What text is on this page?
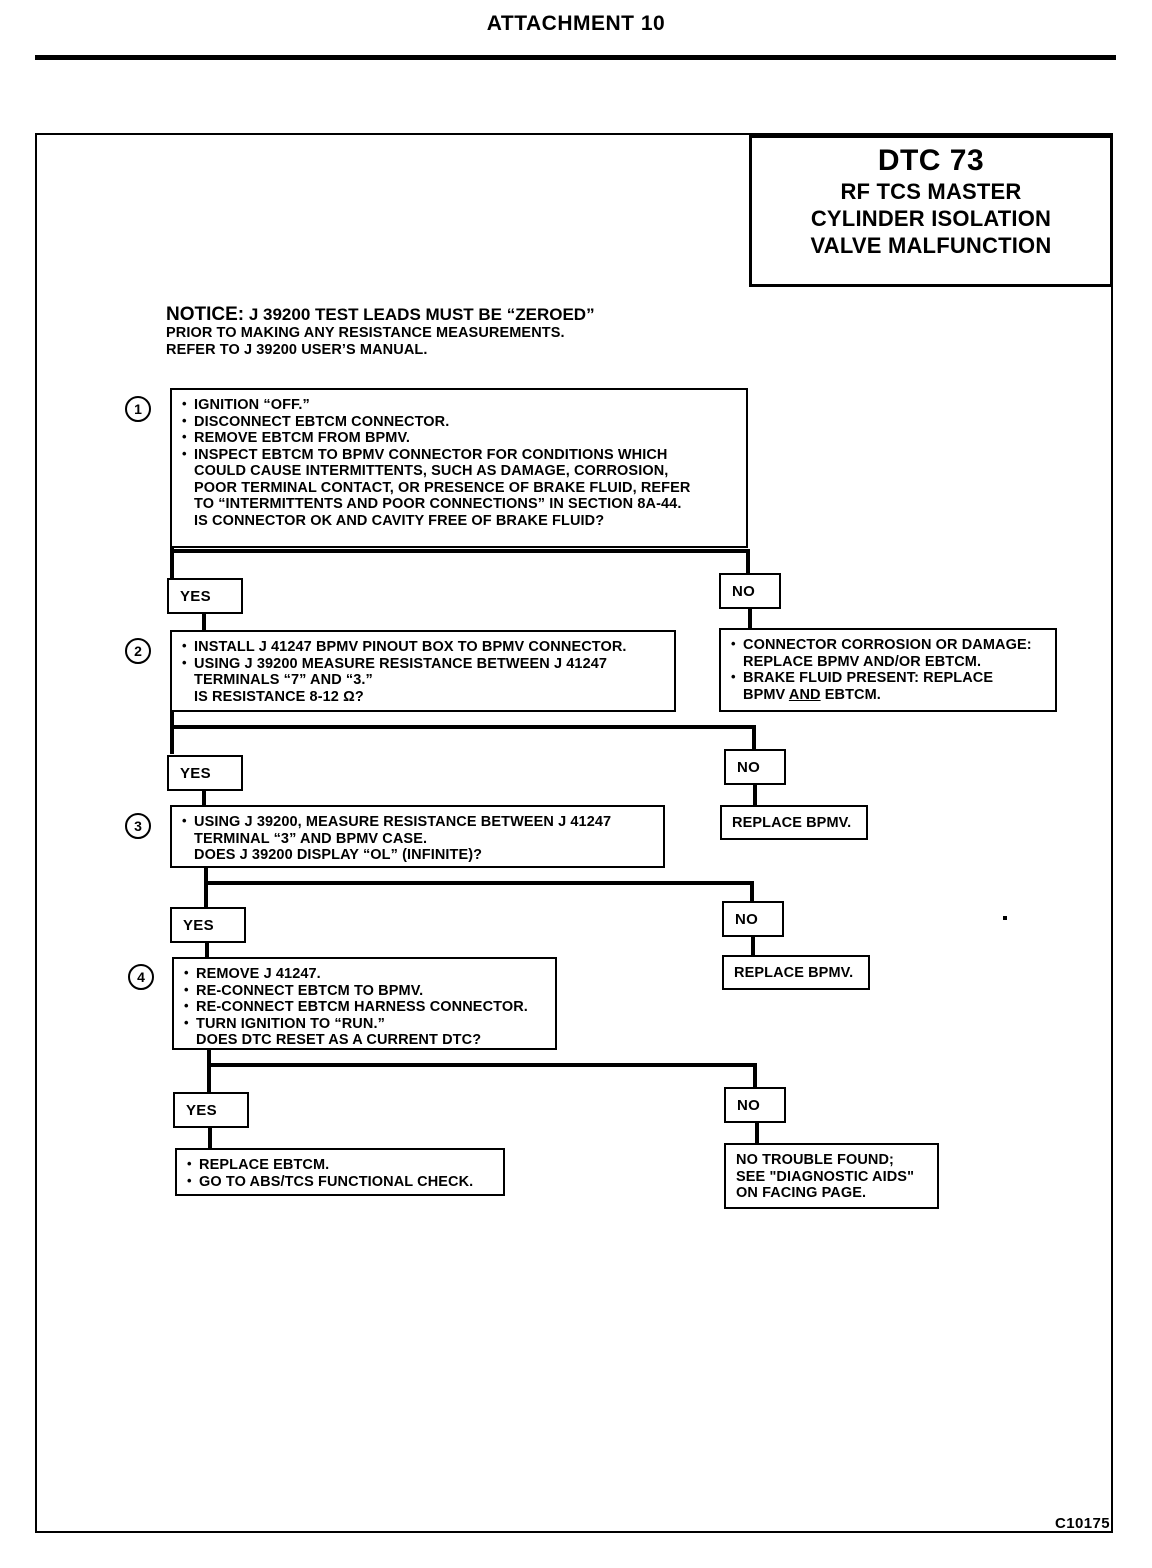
ATTACHMENT 10
DTC 73
RF TCS MASTER
CYLINDER ISOLATION
VALVE MALFUNCTION
NOTICE: J 39200 TEST LEADS MUST BE “ZEROED”
PRIOR TO MAKING ANY RESISTANCE MEASUREMENTS.
REFER TO J 39200 USER’S MANUAL.
1	• IGNITION “OFF.”
• DISCONNECT EBTCM CONNECTOR.
• REMOVE EBTCM FROM BPMV.
• INSPECT EBTCM TO BPMV CONNECTOR FOR CONDITIONS WHICH
COULD CAUSE INTERMITTENTS, SUCH AS DAMAGE, CORROSION,
POOR TERMINAL CONTACT, OR PRESENCE OF BRAKE FLUID, REFER
TO “INTERMITTENTS AND POOR CONNECTIONS” IN SECTION 8A-44.
IS CONNECTOR OK AND CAVITY FREE OF BRAKE FLUID?
YES	NO
2	• INSTALL J 41247 BPMV PINOUT BOX TO BPMV CONNECTOR.
• USING J 39200 MEASURE RESISTANCE BETWEEN J 41247
TERMINALS “7” AND “3.”
IS RESISTANCE 8-12 Ω?
• CONNECTOR CORROSION OR DAMAGE:
REPLACE BPMV AND/OR EBTCM.
• BRAKE FLUID PRESENT: REPLACE
BPMV AND EBTCM.
YES	NO
3	• USING J 39200, MEASURE RESISTANCE BETWEEN J 41247
TERMINAL “3” AND BPMV CASE.
DOES J 39200 DISPLAY “OL” (INFINITE)?
REPLACE BPMV.
YES	NO
4	• REMOVE J 41247.
• RE-CONNECT EBTCM TO BPMV.
• RE-CONNECT EBTCM HARNESS CONNECTOR.
• TURN IGNITION TO “RUN.”
DOES DTC RESET AS A CURRENT DTC?
REPLACE BPMV.
YES	NO
• REPLACE EBTCM.
• GO TO ABS/TCS FUNCTIONAL CHECK.
NO TROUBLE FOUND;
SEE "DIAGNOSTIC AIDS"
ON FACING PAGE.
C10175
